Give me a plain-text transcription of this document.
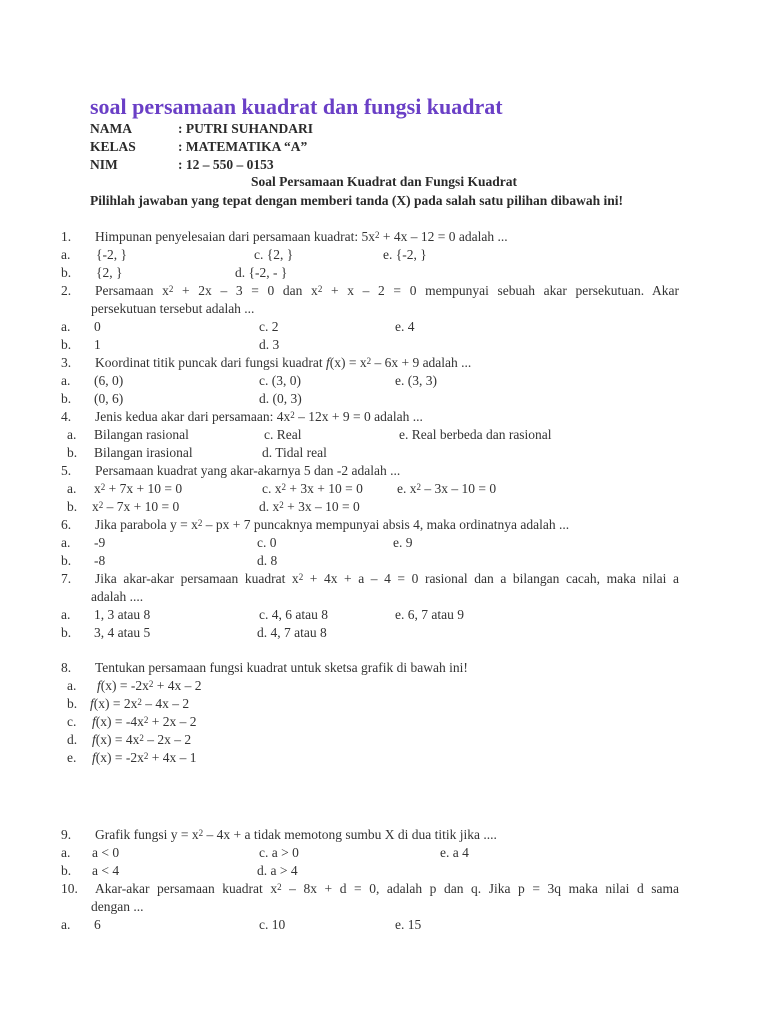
soal persamaan kuadrat dan fungsi kuadrat
NAMA	: PUTRI SUHANDARI
KELAS	: MATEMATIKA “A”
NIM	: 12 – 550 – 0153
Soal Persamaan Kuadrat dan Fungsi Kuadrat
Pilihlah jawaban yang tepat dengan memberi tanda (X) pada salah satu pilihan dibawah ini!
1. Himpunan penyelesaian dari persamaan kuadrat: $5x^2 + 4x - 12 = 0$ adalah ...
a. {-2, }	c. {2, }	e. {-2, }
b. {2, }	d. {-2, - }
2. Persamaan $x^2 + 2x - 3 = 0$ dan $x^2 + x - 2 = 0$ mempunyai sebuah akar persekutuan. Akar
persekutuan tersebut adalah ...
a. 0	c. 2	e. 4
b. 1	d. 3
3. Koordinat titik puncak dari fungsi kuadrat $f(x) = x^2 - 6x + 9$ adalah ...
a. (6, 0)	c. (3, 0)	e. (3, 3)
b. (0, 6)	d. (0, 3)
4. Jenis kedua akar dari persamaan: $4x^2 - 12x + 9 = 0$ adalah ...
a. Bilangan rasional	c. Real	e. Real berbeda dan rasional
b. Bilangan irasional	d. Tidal real
5. Persamaan kuadrat yang akar-akarnya 5 dan -2 adalah ...
a. $x^2 + 7x + 10 = 0$	c. $x^2 + 3x + 10 = 0$	e. $x^2 - 3x - 10 = 0$
b. $x^2 - 7x + 10 = 0$	d. $x^2 + 3x - 10 = 0$
6. Jika parabola $y = x^2$ – px + 7 puncaknya mempunyai absis 4, maka ordinatnya adalah ...
a. -9	c. 0	e. 9
b. -8	d. 8
7. Jika akar-akar persamaan kuadrat $x^2 + 4x + a - 4 = 0$ rasional dan a bilangan cacah, maka nilai a
adalah ....
a. 1, 3 atau 8	c. 4, 6 atau 8	e. 6, 7 atau 9
b. 3, 4 atau 5	d. 4, 7 atau 8
8. Tentukan persamaan fungsi kuadrat untuk sketsa grafik di bawah ini!
a. $f(x) = -2x^2 + 4x - 2$
b. $f(x) = 2x^2 - 4x - 2$
c. $f(x) = -4x^2 + 2x - 2$
d. $f(x) = 4x^2 - 2x - 2$
e. $f(x) = -2x^2 + 4x - 1$
9. Grafik fungsi $y = x^2 - 4x + a$ tidak memotong sumbu X di dua titik jika ....
a. a < 0	c. a > 0	e. a 4
b. a < 4	d. a > 4
10. Akar-akar persamaan kuadrat $x^2 - 8x + d = 0$, adalah p dan q. Jika p = 3q maka nilai d sama
dengan ...
a. 6	c. 10	e. 15
